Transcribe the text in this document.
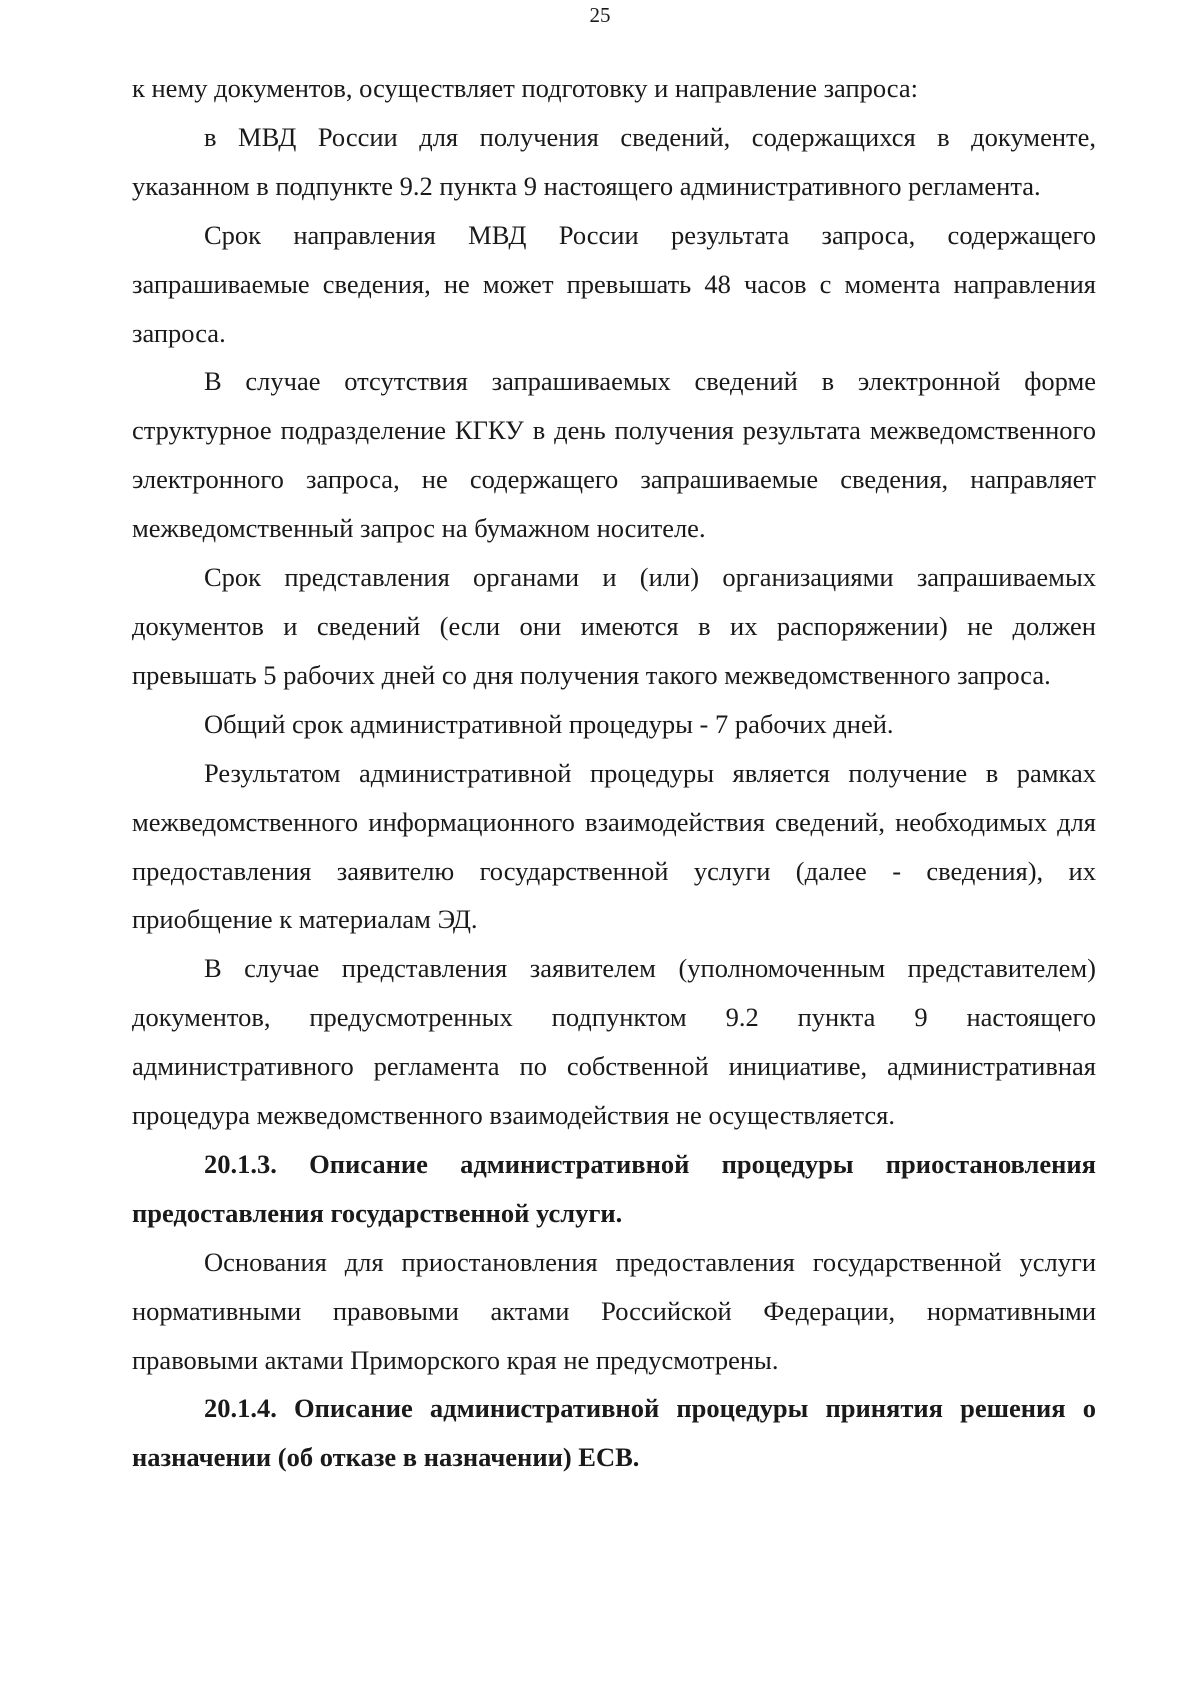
25

к нему документов, осуществляет подготовку и направление запроса:

в МВД России для получения сведений, содержащихся в документе, указанном в подпункте 9.2 пункта 9 настоящего административного регламента.

Срок направления МВД России результата запроса, содержащего запрашиваемые сведения, не может превышать 48 часов с момента направления запроса.

В случае отсутствия запрашиваемых сведений в электронной форме структурное подразделение КГКУ в день получения результата межведомственного электронного запроса, не содержащего запрашиваемые сведения, направляет межведомственный запрос на бумажном носителе.

Срок представления органами и (или) организациями запрашиваемых документов и сведений (если они имеются в их распоряжении) не должен превышать 5 рабочих дней со дня получения такого межведомственного запроса.

Общий срок административной процедуры - 7 рабочих дней.

Результатом административной процедуры является получение в рамках межведомственного информационного взаимодействия сведений, необходимых для предоставления заявителю государственной услуги (далее - сведения), их приобщение к материалам ЭД.

В случае представления заявителем (уполномоченным представителем) документов, предусмотренных подпунктом 9.2 пункта 9 настоящего административного регламента по собственной инициативе, административная процедура межведомственного взаимодействия не осуществляется.

20.1.3. Описание административной процедуры приостановления предоставления государственной услуги.

Основания для приостановления предоставления государственной услуги нормативными правовыми актами Российской Федерации, нормативными правовыми актами Приморского края не предусмотрены.

20.1.4. Описание административной процедуры принятия решения о назначении (об отказе в назначении) ЕСВ.
